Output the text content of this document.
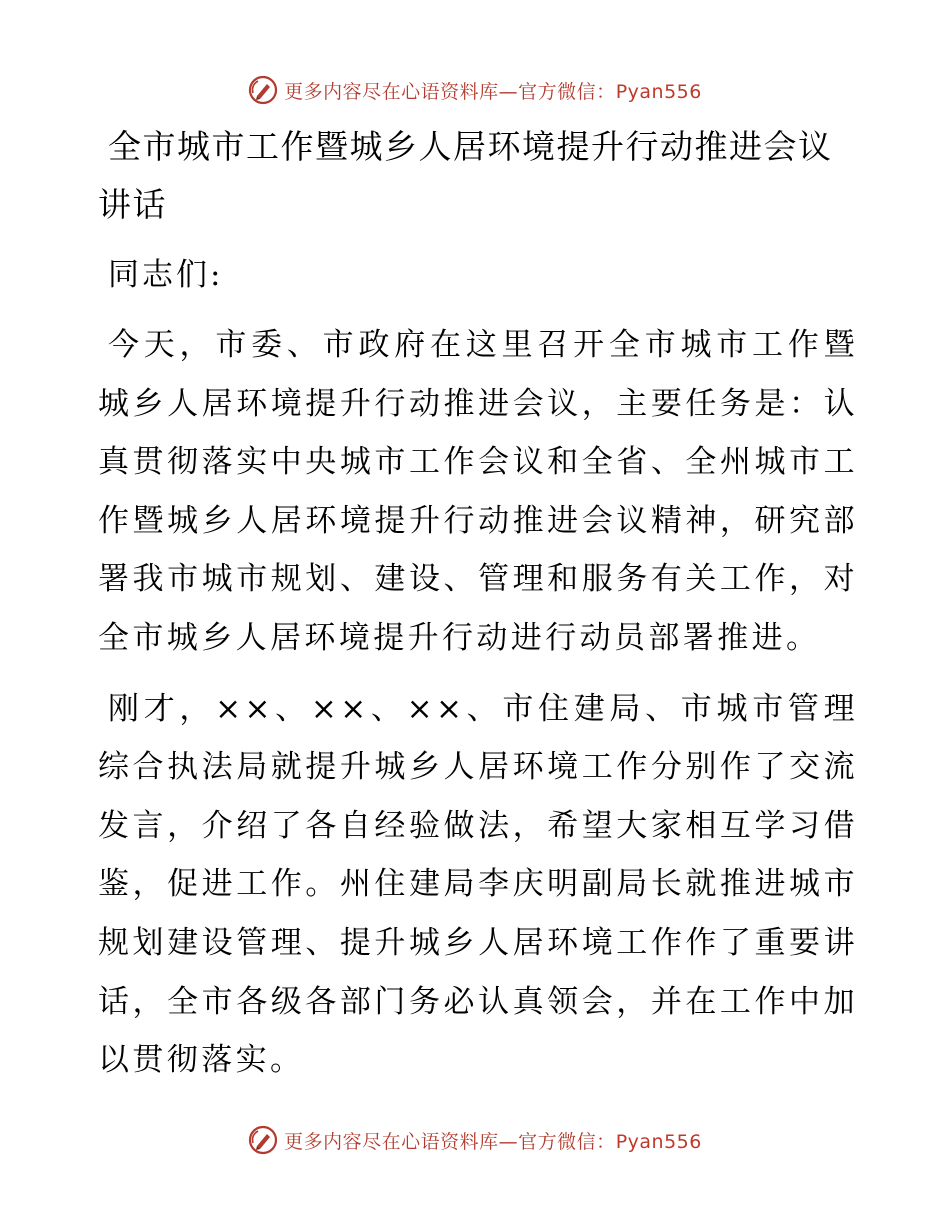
更多内容尽在心语资料库—官方微信：Pyan556
全市城市工作暨城乡人居环境提升行动推进会议讲话

同志们:

今天，市委、市政府在这里召开全市城市工作暨城乡人居环境提升行动推进会议，主要任务是：认真贯彻落实中央城市工作会议和全省、全州城市工作暨城乡人居环境提升行动推进会议精神，研究部署我市城市规划、建设、管理和服务有关工作，对全市城乡人居环境提升行动进行动员部署推进。

刚才，××、××、××、市住建局、市城市管理综合执法局就提升城乡人居环境工作分别作了交流发言，介绍了各自经验做法，希望大家相互学习借鉴，促进工作。州住建局李庆明副局长就推进城市规划建设管理、提升城乡人居环境工作作了重要讲话，全市各级各部门务必认真领会，并在工作中加以贯彻落实。

更多内容尽在心语资料库—官方微信：Pyan556
